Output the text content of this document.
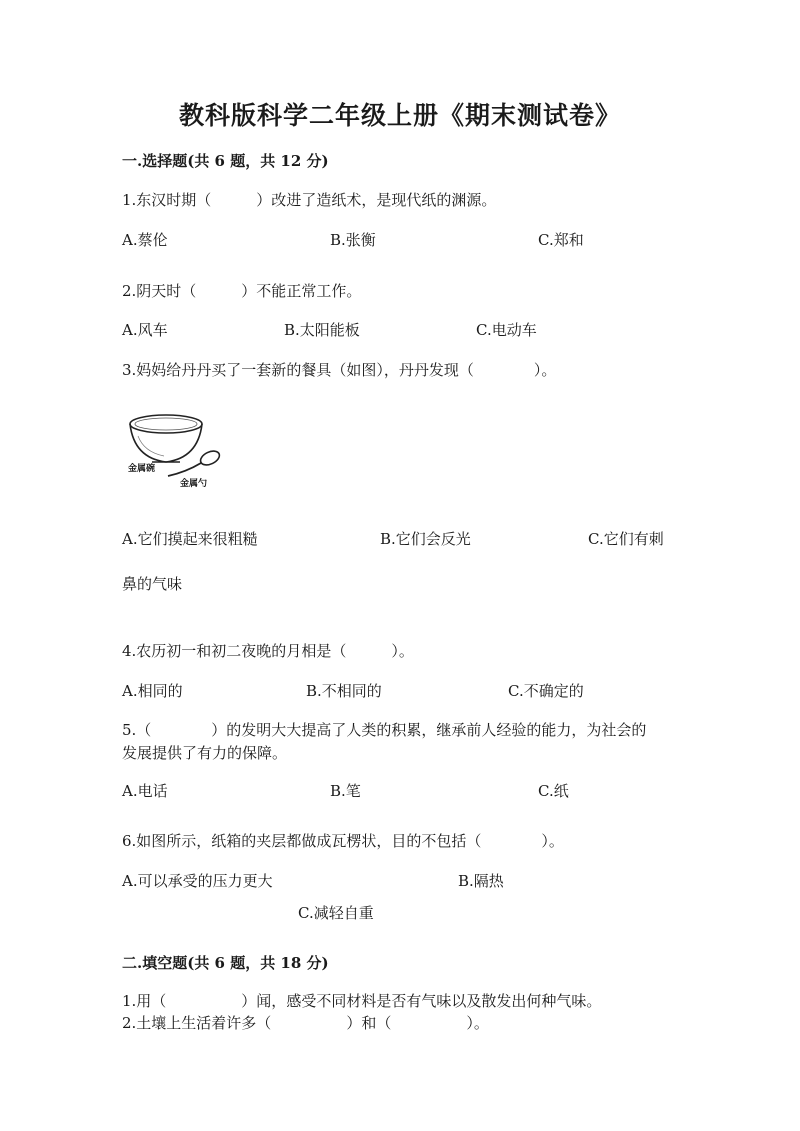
教科版科学二年级上册《期末测试卷》
一.选择题(共 6 题，共 12 分)
1.东汉时期（　　　）改进了造纸术，是现代纸的渊源。
A.蔡伦	B.张衡	C.郑和
2.阴天时（　　　）不能正常工作。
A.风车	B.太阳能板	C.电动车
3.妈妈给丹丹买了一套新的餐具（如图），丹丹发现（　　　　）。
金属碗
金属勺
A.它们摸起来很粗糙	B.它们会反光	C.它们有刺
鼻的气味
4.农历初一和初二夜晚的月相是（　　　）。
A.相同的	B.不相同的	C.不确定的
5.（　　　　）的发明大大提高了人类的积累，继承前人经验的能力，为社会的
发展提供了有力的保障。
A.电话	B.笔	C.纸
6.如图所示，纸箱的夹层都做成瓦楞状，目的不包括（　　　　）。
A.可以承受的压力更大	B.隔热
C.减轻自重
二.填空题(共 6 题，共 18 分)
1.用（　　　　　）闻，感受不同材料是否有气味以及散发出何种气味。
2.土壤上生活着许多（　　　　　）和（　　　　　）。
